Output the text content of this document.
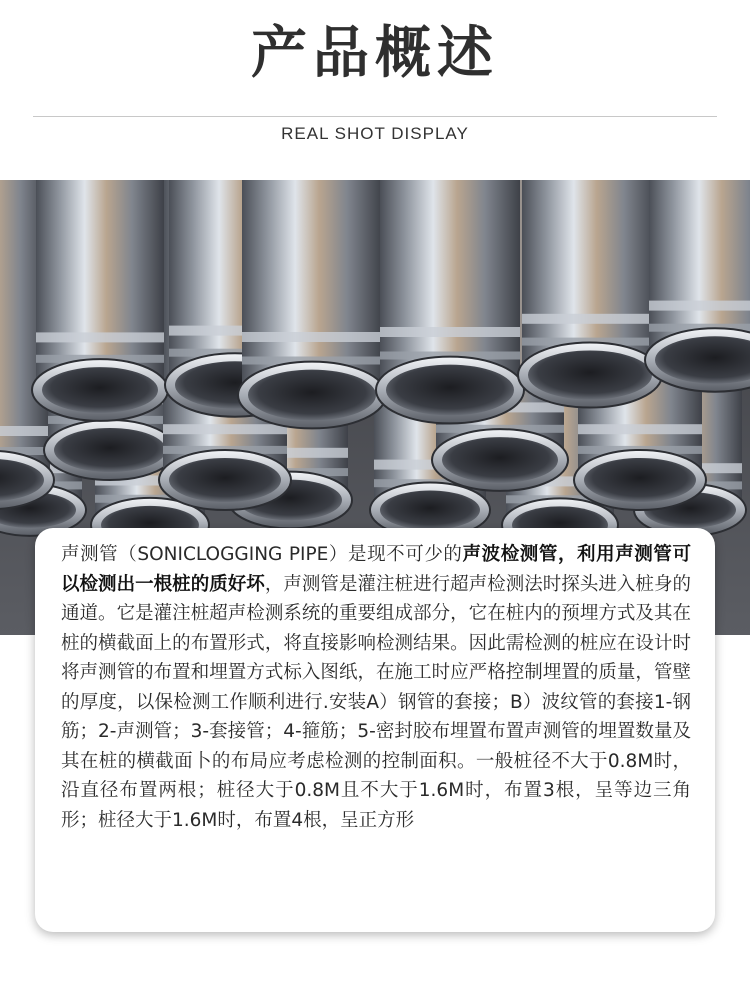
产品概述
REAL SHOT DISPLAY

声测管（SONICLOGGING PIPE）是现不可少的声波检测管，利用声测管可以检测出一根桩的质好坏，声测管是灌注桩进行超声检测法时探头进入桩身的通道。它是灌注桩超声检测系统的重要组成部分，它在桩内的预埋方式及其在桩的横截面上的布置形式，将直接影响检测结果。因此需检测的桩应在设计时将声测管的布置和埋置方式标入图纸，在施工时应严格控制埋置的质量，管壁的厚度，以保检测工作顺利进行.安装A）钢管的套接；B）波纹管的套接1-钢筋；2-声测管；3-套接管；4-箍筋；5-密封胶布埋置布置声测管的埋置数量及其在桩的横截面卜的布局应考虑检测的控制面积。一般桩径不大于0.8M时，沿直径布置两根；桩径大于0.8M且不大于1.6M时，布置3根，呈等边三角形；桩径大于1.6M时，布置4根，呈正方形
